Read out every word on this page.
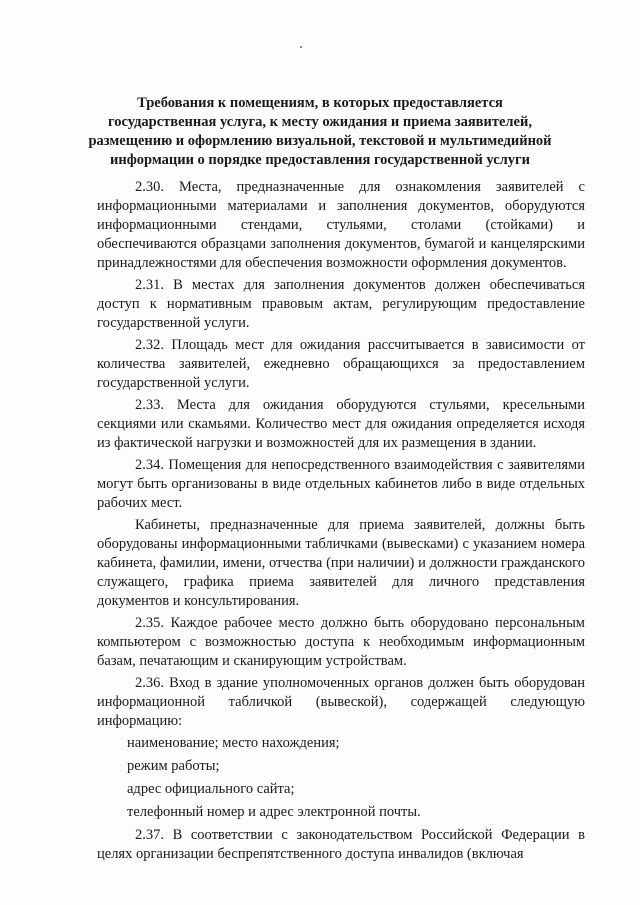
Требования к помещениям, в которых предоставляется
государственная услуга, к месту ожидания и приема заявителей,
размещению и оформлению визуальной, текстовой и мультимедийной
информации о порядке предоставления государственной услуги

2.30. Места, предназначенные для ознакомления заявителей с информационными материалами и заполнения документов, оборудуются информационными стендами, стульями, столами (стойками) и обеспечиваются образцами заполнения документов, бумагой и канцелярскими принадлежностями для обеспечения возможности оформления документов.

2.31. В местах для заполнения документов должен обеспечиваться доступ к нормативным правовым актам, регулирующим предоставление государственной услуги.

2.32. Площадь мест для ожидания рассчитывается в зависимости от количества заявителей, ежедневно обращающихся за предоставлением государственной услуги.

2.33. Места для ожидания оборудуются стульями, кресельными секциями или скамьями. Количество мест для ожидания определяется исходя из фактической нагрузки и возможностей для их размещения в здании.

2.34. Помещения для непосредственного взаимодействия с заявителями могут быть организованы в виде отдельных кабинетов либо в виде отдельных рабочих мест.

Кабинеты, предназначенные для приема заявителей, должны быть оборудованы информационными табличками (вывесками) с указанием номера кабинета, фамилии, имени, отчества (при наличии) и должности гражданского служащего, графика приема заявителей для личного представления документов и консультирования.

2.35. Каждое рабочее место должно быть оборудовано персональным компьютером с возможностью доступа к необходимым информационным базам, печатающим и сканирующим устройствам.

2.36. Вход в здание уполномоченных органов должен быть оборудован информационной табличкой (вывеской), содержащей следующую информацию:

наименование; место нахождения;

режим работы;

адрес официального сайта;

телефонный номер и адрес электронной почты.

2.37. В соответствии с законодательством Российской Федерации в целях организации беспрепятственного доступа инвалидов (включая
